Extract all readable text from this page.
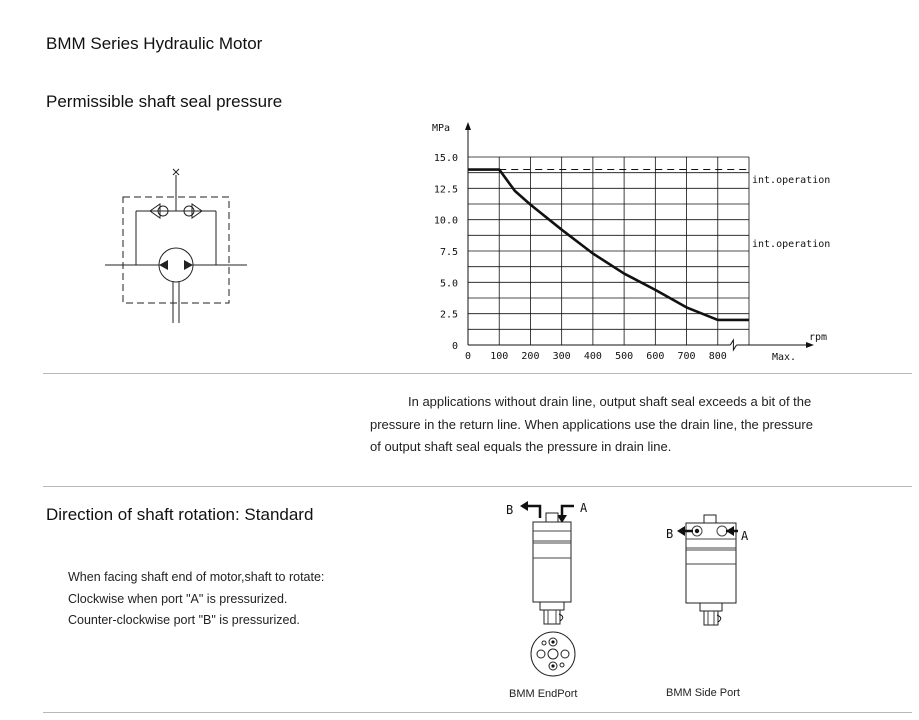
BMM Series Hydraulic Motor
Permissible shaft seal pressure
MPa
rpm
Max.
int.operation
int.operation
0 100 200 300 400 500 600 700 800
0
2.5
5.0
7.5
10.0
12.5
15.0
In applications without drain line, output shaft seal exceeds a bit of the
pressure in the return line. When applications use the drain line, the pressure
of output shaft seal equals the pressure in drain line.
Direction of shaft rotation: Standard
When facing shaft end of motor,shaft to rotate:
Clockwise when port "A" is pressurized.
Counter-clockwise port "B" is pressurized.
B	A
BMM EndPort
B	A
BMM Side Port
